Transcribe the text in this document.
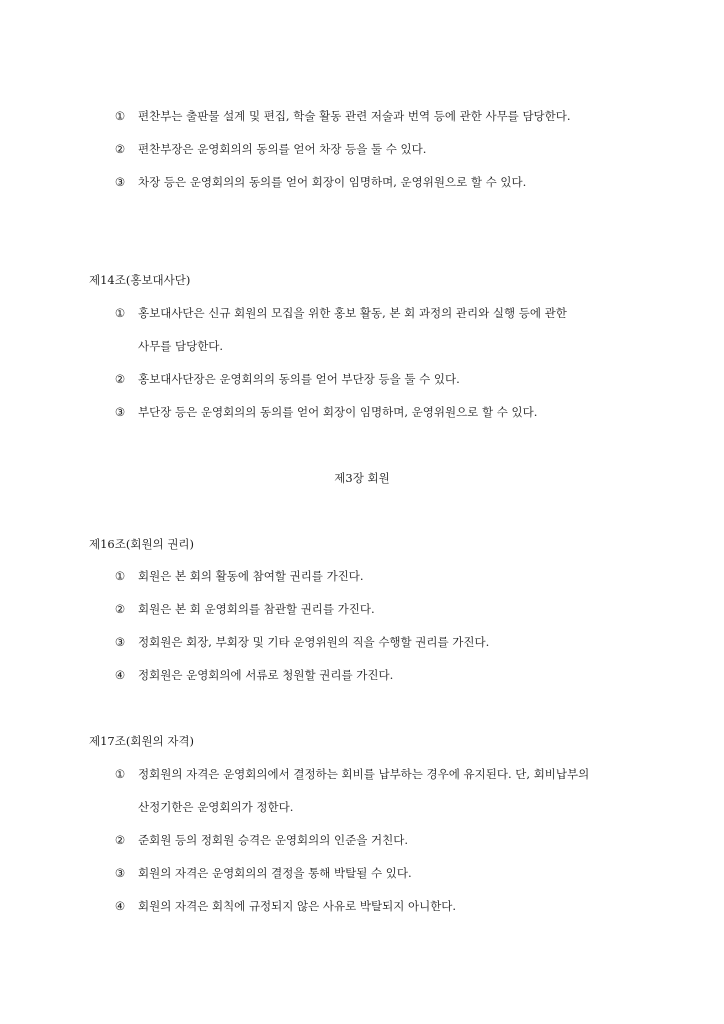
① 편찬부는 출판물 설계 및 편집, 학술 활동 관련 저술과 번역 등에 관한 사무를 담당한다.
② 편찬부장은 운영회의의 동의를 얻어 차장 등을 둘 수 있다.
③ 차장 등은 운영회의의 동의를 얻어 회장이 임명하며, 운영위원으로 할 수 있다.
제14조(홍보대사단)
① 홍보대사단은 신규 회원의 모집을 위한 홍보 활동, 본 회 과정의 관리와 실행 등에 관한
사무를 담당한다.
② 홍보대사단장은 운영회의의 동의를 얻어 부단장 등을 둘 수 있다.
③ 부단장 등은 운영회의의 동의를 얻어 회장이 임명하며, 운영위원으로 할 수 있다.
제3장 회원
제16조(회원의 권리)
① 회원은 본 회의 활동에 참여할 권리를 가진다.
② 회원은 본 회 운영회의를 참관할 권리를 가진다.
③ 정회원은 회장, 부회장 및 기타 운영위원의 직을 수행할 권리를 가진다.
④ 정회원은 운영회의에 서류로 청원할 권리를 가진다.
제17조(회원의 자격)
① 정회원의 자격은 운영회의에서 결정하는 회비를 납부하는 경우에 유지된다. 단, 회비납부의
산정기한은 운영회의가 정한다.
② 준회원 등의 정회원 승격은 운영회의의 인준을 거친다.
③ 회원의 자격은 운영회의의 결정을 통해 박탈될 수 있다.
④ 회원의 자격은 회칙에 규정되지 않은 사유로 박탈되지 아니한다.
